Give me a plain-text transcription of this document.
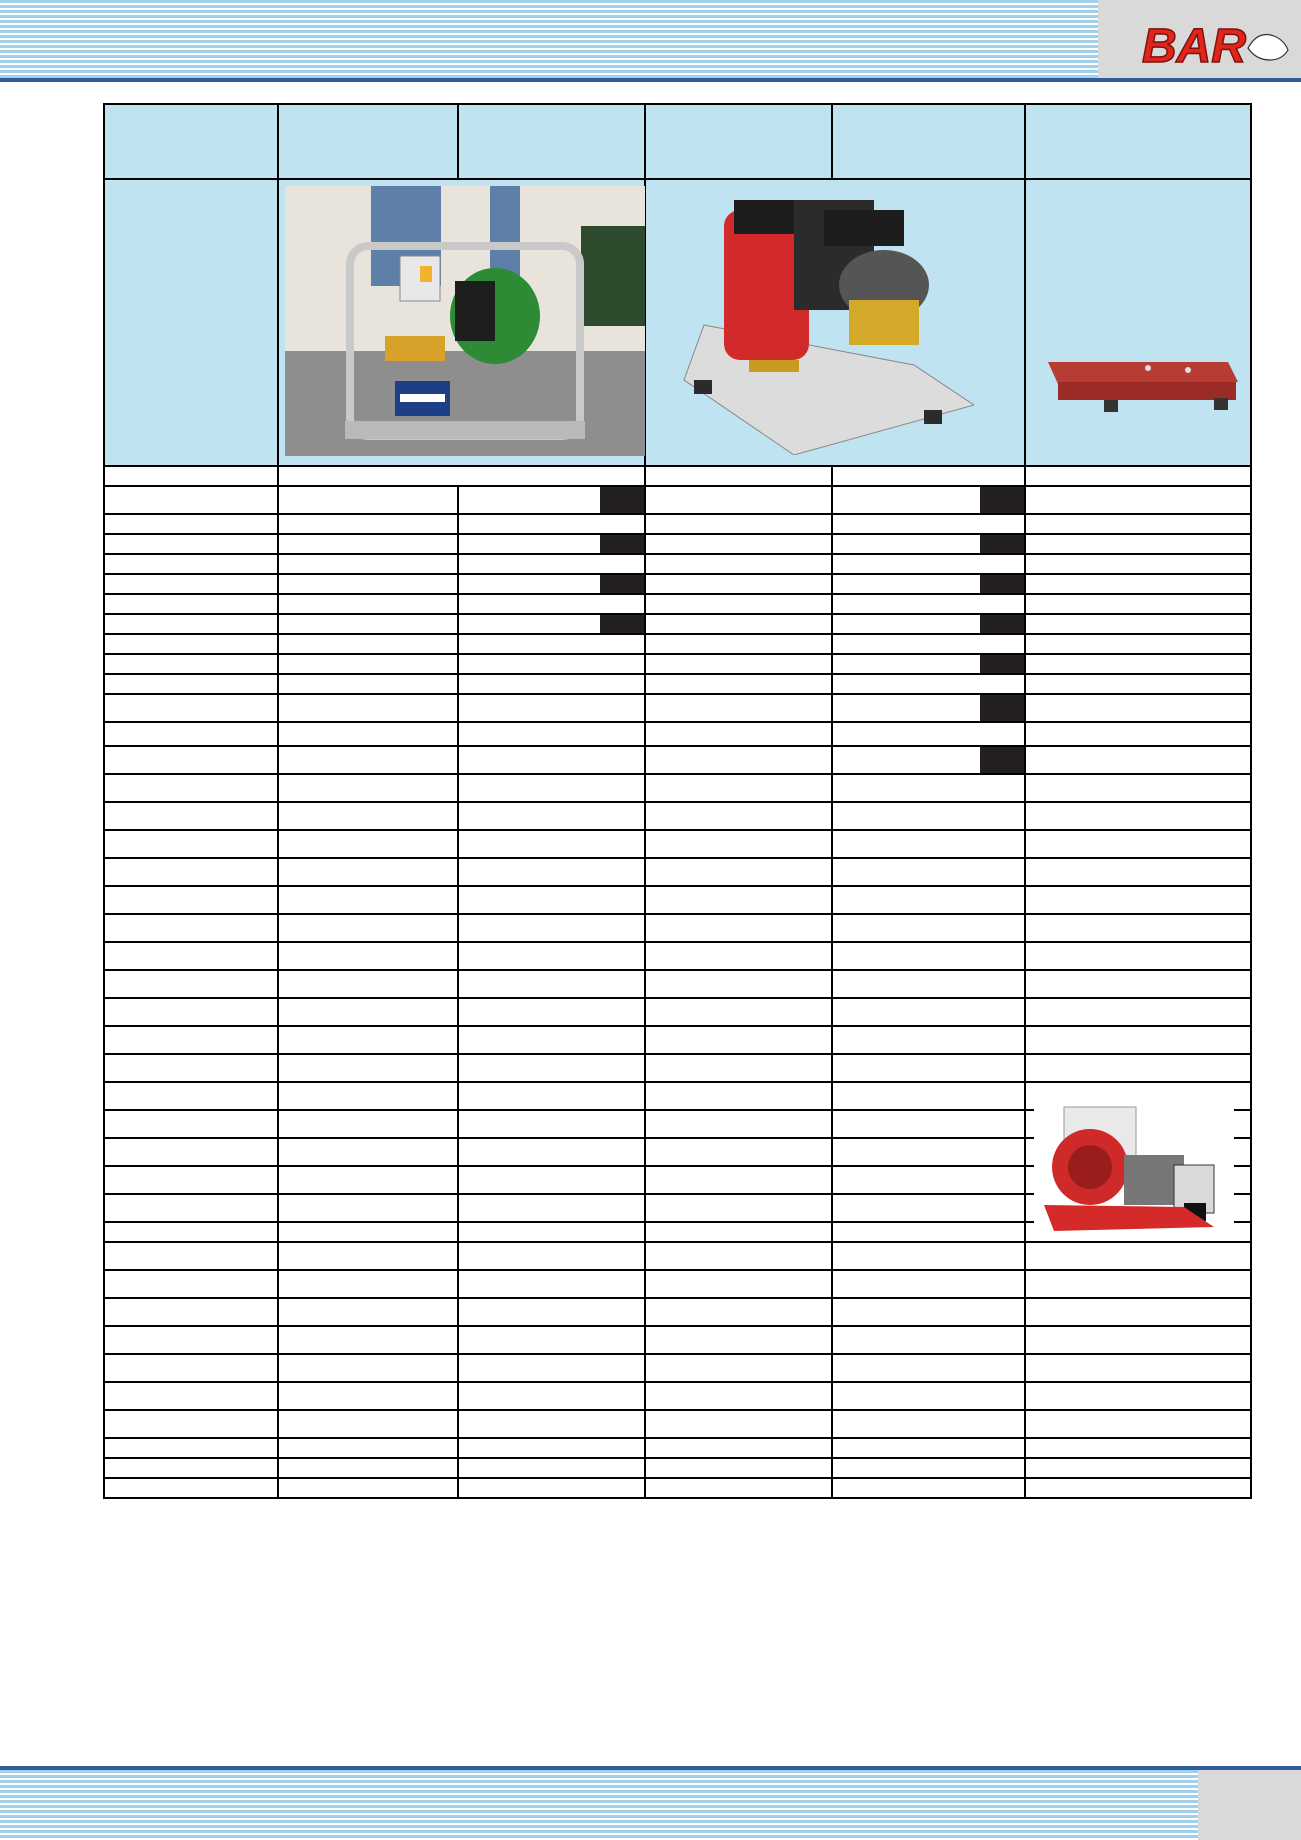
BAR
